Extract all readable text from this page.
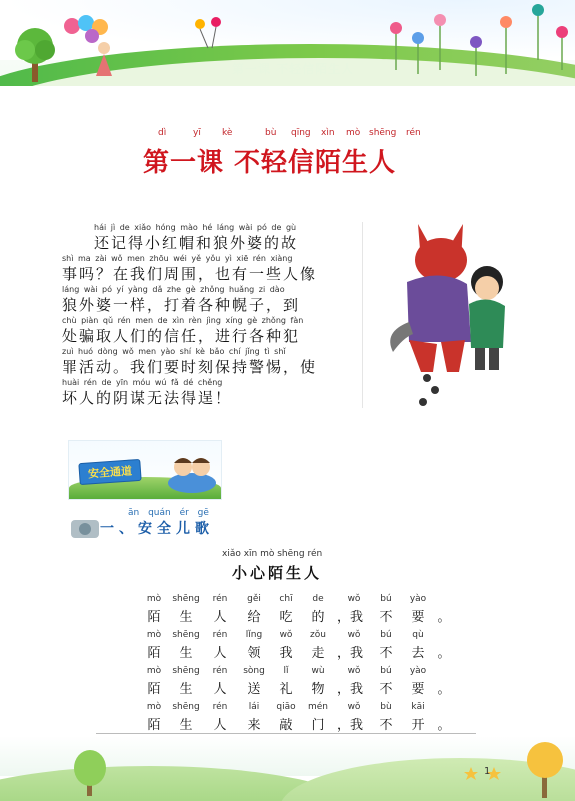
第一课 不轻信陌生人
dì	yī kè	bù qīng xìn mò shēng rén
第一课 不轻信陌生人
hái jì de xiǎo hóng mào hé láng wài pó de gù
还记得小红帽和狼外婆的故
shì ma zài wǒ men zhōu wéi yě yǒu yì xiē rén xiàng
事吗？在我们周围，也有一些人像
láng wài pó yí yàng dǎ zhe gè zhǒng huǎng zi dào
狼外婆一样，打着各种幌子，到
chù piàn qǔ rén men de xìn rèn jìng xíng gè zhǒng fàn
处骗取人们的信任，进行各种犯
zuì huó dòng wǒ men yào shí kè bǎo chí jǐng tì shǐ
罪活动。我们要时刻保持警惕，使
huài rén de yīn móu wú fǎ dé chěng
坏人的阴谋无法得逞！
安全通道
ān quán ér gē
一、安全儿歌
xiǎo xīn mò shēng rén
小心陌生人
mò	shēng	rén	gěi	chī	de	wǒ	bú	yào
陌	生	人	给	吃	的 ，我	不	要 。
mò	shēng	rén	lǐng	wǒ	zǒu	wǒ	bú	qù
陌	生	人	领	我	走 ，我	不	去 。
mò	shēng	rén	sòng	lǐ	wù	wǒ	bú	yào
陌	生	人	送	礼	物 ，我	不	要 。
mò	shēng	rén	lái	qiāo	mén	wǒ	bù	kāi
陌	生	人	来	敲	门 ，我	不	开 。
1
